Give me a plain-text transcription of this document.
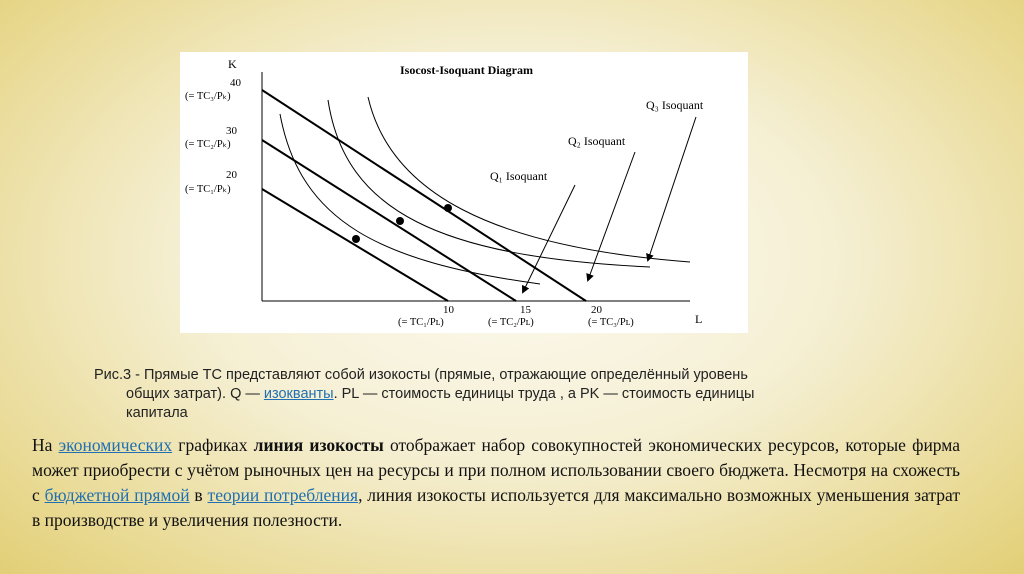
Isocost-Isoquant Diagram
K
L
40
(= TC₃/Pₖ)
30
(= TC₂/Pₖ)
20
(= TC₁/Pₖ)
10
(= TC₁/Pʟ)
15
(= TC₂/Pʟ)
20
(= TC₃/Pʟ)
Q₃ Isoquant
Q₂ Isoquant
Q₁ Isoquant
Рис.3 - Прямые TC представляют собой изокосты (прямые, отражающие определённый уровень
общих затрат). Q — изокванты. PL — стоимость единицы труда , а PK — стоимость единицы
капитала
На экономических графиках линия изокосты отображает набор совокупностей экономических ресурсов, которые фирма может приобрести с учётом рыночных цен на ресурсы и при полном использовании своего бюджета. Несмотря на схожесть с бюджетной прямой в теории потребления, линия изокосты используется для максимально возможных уменьшения затрат в производстве и увеличения полезности.
